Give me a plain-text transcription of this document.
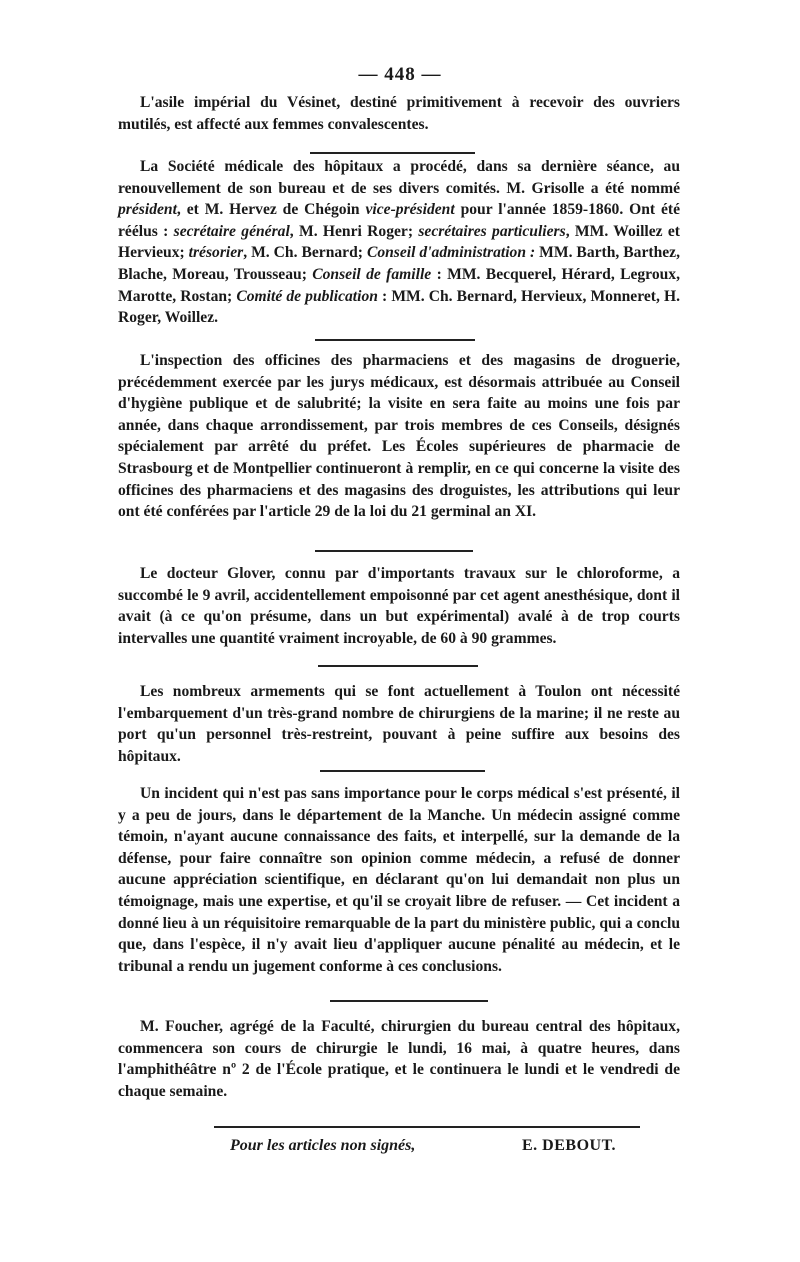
— 448 —

L'asile impérial du Vésinet, destiné primitivement à recevoir des ouvriers mutilés, est affecté aux femmes convalescentes.

La Société médicale des hôpitaux a procédé, dans sa dernière séance, au renouvellement de son bureau et de ses divers comités. M. Grisolle a été nommé président, et M. Hervez de Chégoin vice-président pour l'année 1859-1860. Ont été réélus : secrétaire général, M. Henri Roger; secrétaires particuliers, MM. Woillez et Hervieux; trésorier, M. Ch. Bernard; Conseil d'administration : MM. Barth, Barthez, Blache, Moreau, Trousseau; Conseil de famille : MM. Becquerel, Hérard, Legroux, Marotte, Rostan; Comité de publication : MM. Ch. Bernard, Hervieux, Monneret, H. Roger, Woillez.

L'inspection des officines des pharmaciens et des magasins de droguerie, précédemment exercée par les jurys médicaux, est désormais attribuée au Conseil d'hygiène publique et de salubrité; la visite en sera faite au moins une fois par année, dans chaque arrondissement, par trois membres de ces Conseils, désignés spécialement par arrêté du préfet. Les Écoles supérieures de pharmacie de Strasbourg et de Montpellier continueront à remplir, en ce qui concerne la visite des officines des pharmaciens et des magasins des droguistes, les attributions qui leur ont été conférées par l'article 29 de la loi du 21 germinal an XI.

Le docteur Glover, connu par d'importants travaux sur le chloroforme, a succombé le 9 avril, accidentellement empoisonné par cet agent anesthésique, dont il avait (à ce qu'on présume, dans un but expérimental) avalé à de trop courts intervalles une quantité vraiment incroyable, de 60 à 90 grammes.

Les nombreux armements qui se font actuellement à Toulon ont nécessité l'embarquement d'un très-grand nombre de chirurgiens de la marine; il ne reste au port qu'un personnel très-restreint, pouvant à peine suffire aux besoins des hôpitaux.

Un incident qui n'est pas sans importance pour le corps médical s'est présenté, il y a peu de jours, dans le département de la Manche. Un médecin assigné comme témoin, n'ayant aucune connaissance des faits, et interpellé, sur la demande de la défense, pour faire connaître son opinion comme médecin, a refusé de donner aucune appréciation scientifique, en déclarant qu'on lui demandait non plus un témoignage, mais une expertise, et qu'il se croyait libre de refuser. — Cet incident a donné lieu à un réquisitoire remarquable de la part du ministère public, qui a conclu que, dans l'espèce, il n'y avait lieu d'appliquer aucune pénalité au médecin, et le tribunal a rendu un jugement conforme à ces conclusions.

M. Foucher, agrégé de la Faculté, chirurgien du bureau central des hôpitaux, commencera son cours de chirurgie le lundi, 16 mai, à quatre heures, dans l'amphithéâtre nº 2 de l'École pratique, et le continuera le lundi et le vendredi de chaque semaine.

Pour les articles non signés,	E. DEBOUT.
